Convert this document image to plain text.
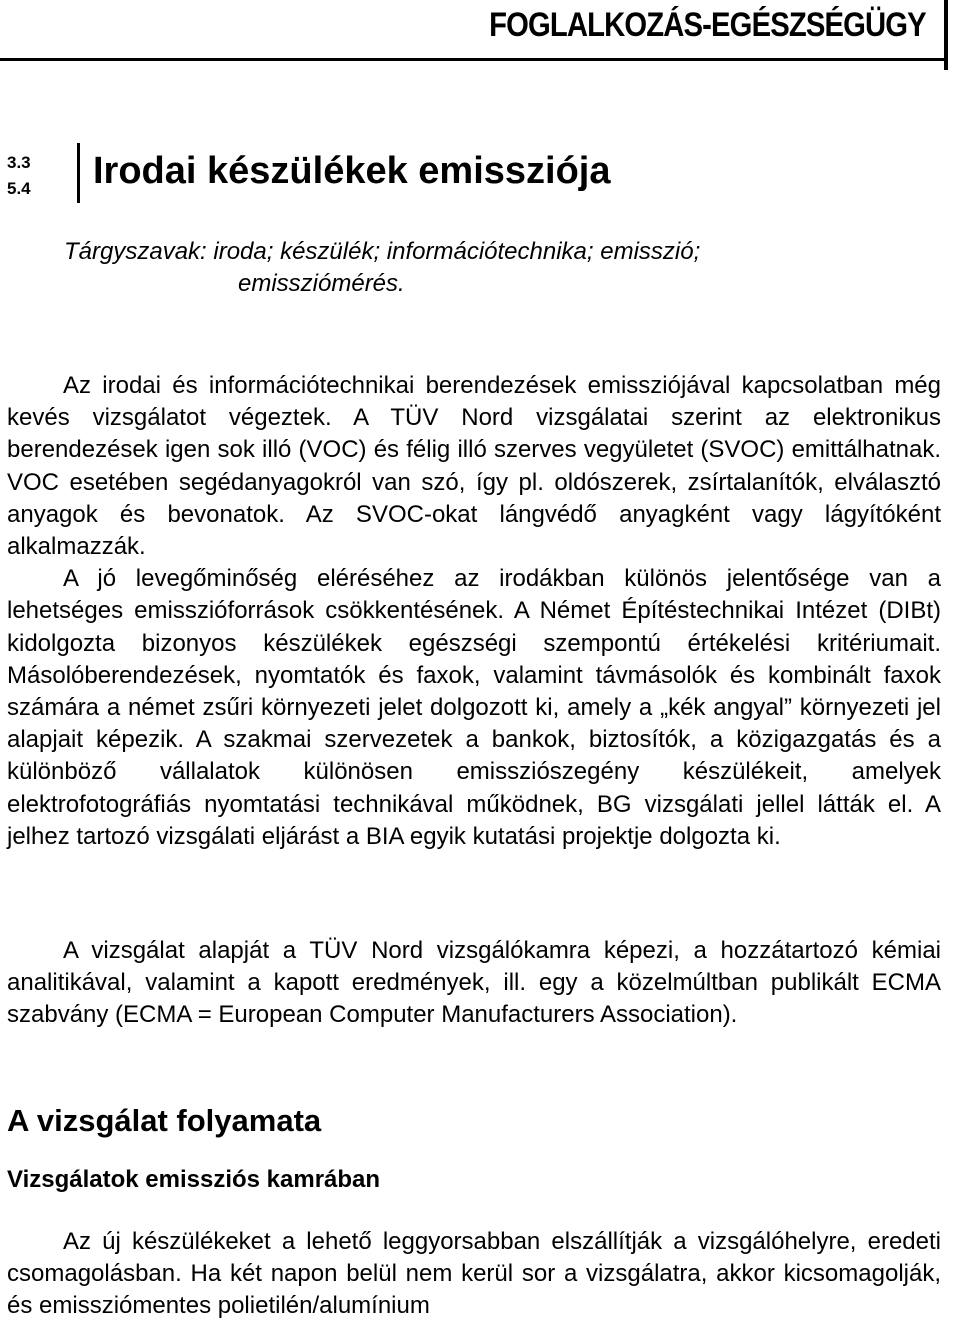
FOGLALKOZÁS-EGÉSZSÉGÜGY
3.3
5.4 Irodai készülékek emissziója
Tárgyszavak: iroda; készülék; információtechnika; emisszió;
emissziómérés.

Az irodai és információtechnikai berendezések emissziójával kapcsolatban még kevés vizsgálatot végeztek. A TÜV Nord vizsgálatai szerint az elektronikus berendezések igen sok illó (VOC) és félig illó szerves vegyületet (SVOC) emittálhatnak. VOC esetében segédanyagokról van szó, így pl. oldószerek, zsírtalanítók, elválasztó anyagok és bevonatok. Az SVOC-okat lángvédő anyagként vagy lágyítóként alkalmazzák.

A jó levegőminőség eléréséhez az irodákban különös jelentősége van a lehetséges emisszióforrások csökkentésének. A Német Építéstechnikai Intézet (DIBt) kidolgozta bizonyos készülékek egészségi szempontú értékelési kritériumait. Másolóberendezések, nyomtatók és faxok, valamint távmásolók és kombinált faxok számára a német zsűri környezeti jelet dolgozott ki, amely a „kék angyal” környezeti jel alapjait képezik. A szakmai szervezetek a bankok, biztosítók, a közigazgatás és a különböző vállalatok különösen emissziószegény készülékeit, amelyek elektrofotográfiás nyomtatási technikával működnek, BG vizsgálati jellel látták el. A jelhez tartozó vizsgálati eljárást a BIA egyik kutatási projektje dolgozta ki.

A vizsgálat alapját a TÜV Nord vizsgálókamra képezi, a hozzátartozó kémiai analitikával, valamint a kapott eredmények, ill. egy a közelmúltban publikált ECMA szabvány (ECMA = European Computer Manufacturers Association).

A vizsgálat folyamata
Vizsgálatok emissziós kamrában

Az új készülékeket a lehető leggyorsabban elszállítják a vizsgálóhelyre, eredeti csomagolásban. Ha két napon belül nem kerül sor a vizsgálatra, akkor kicsomagolják, és emissziómentes polietilén/alumínium
